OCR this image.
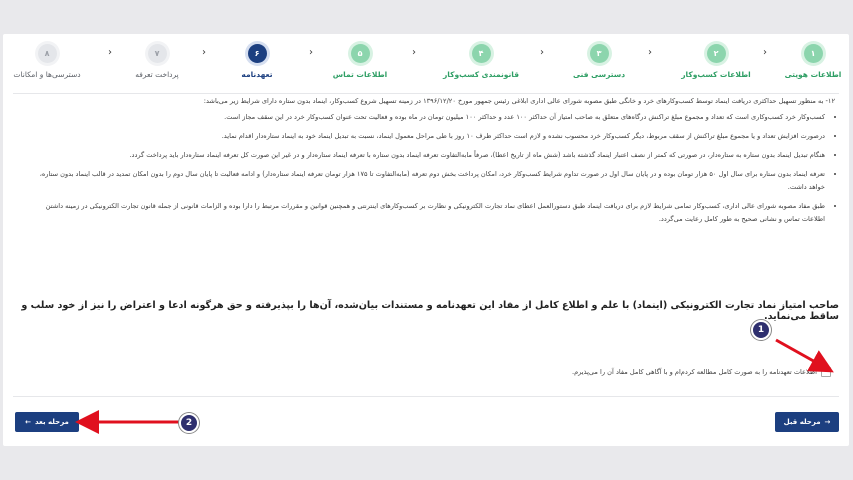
۱
اطلاعات هویتی
‹
۲
اطلاعات کسب‌وکار
‹
۳
دسترسی فنی
‹
۴
قانونمندی کسب‌وکار
‹
۵
اطلاعات تماس
‹
۶
تعهدنامه
‹
۷
پرداخت تعرفه
‹
۸
دسترسی‌ها و امکانات

۱۲- به منظور تسهیل حداکثری دریافت اینماد توسط کسب‌وکارهای خرد و خانگی طبق مصوبه شورای عالی اداری ابلاغی رئیس جمهور مورخ ۱۳۹۶/۱۲/۲۰ در زمینه تسهیل شروع کسب‌وکار، اینماد بدون ستاره دارای شرایط زیر می‌باشد:

• کسب‌وکار خرد کسب‌وکاری است که تعداد و مجموع مبلغ تراکنش درگاه‌های متعلق به صاحب امتیاز آن حداکثر ۱۰۰ عدد و حداکثر ۱۰۰ میلیون تومان در ماه بوده و فعالیت تحت عنوان کسب‌وکار خرد در این سقف مجاز است.
• درصورت افزایش تعداد و یا مجموع مبلغ تراکنش از سقف مربوط، دیگر کسب‌وکار خرد محسوب نشده و لازم است حداکثر ظرف ۱۰ روز با طی مراحل معمول اینماد، نسبت به تبدیل اینماد خود به اینماد ستاره‌دار اقدام نماید.
• هنگام تبدیل اینماد بدون ستاره به ستاره‌دار، در صورتی که کمتر از نصف اعتبار اینماد گذشته باشد (شش ماه از تاریخ اعطا)، صرفاً مابه‌التفاوت تعرفه اینماد بدون ستاره با تعرفه اینماد ستاره‌دار و در غیر این صورت کل تعرفه اینماد ستاره‌دار باید پرداخت گردد.
• تعرفه اینماد بدون ستاره برای سال اول ۵۰ هزار تومان بوده و در پایان سال اول در صورت تداوم شرایط کسب‌وکار خرد، امکان پرداخت بخش دوم تعرفه (مابه‌التفاوت تا ۱۷۵ هزار تومان تعرفه اینماد ستاره‌دار) و ادامه فعالیت تا پایان سال دوم را بدون امکان تمدید در قالب اینماد بدون ستاره، خواهد داشت.
• طبق مفاد مصوبه شورای عالی اداری، کسب‌وکار تمامی شرایط لازم برای دریافت اینماد طبق دستورالعمل اعطای نماد تجارت الکترونیکی و نظارت بر کسب‌وکارهای اینترنتی و همچنین قوانین و مقررات مرتبط را دارا بوده و الزامات قانونی از جمله قانون تجارت الکترونیکی در زمینه داشتن اطلاعات تماس و نشانی صحیح به طور کامل رعایت می‌گردد.
صاحب امتیاز نماد تجارت الکترونیکی (اینماد) با علم و اطلاع کامل از مفاد این تعهدنامه و مستندات بیان‌شده، آن‌ها را بپذیرفته و حق هرگونه ادعا و اعتراض را نیز از خود سلب و ساقط می‌نماید.
اطلاعات تعهدنامه را به صورت کامل مطالعه کردم‌ام و با آگاهی کامل مفاد آن را می‌پذیرم.
مرحله بعد
←	→
مرحله قبل
1
2
